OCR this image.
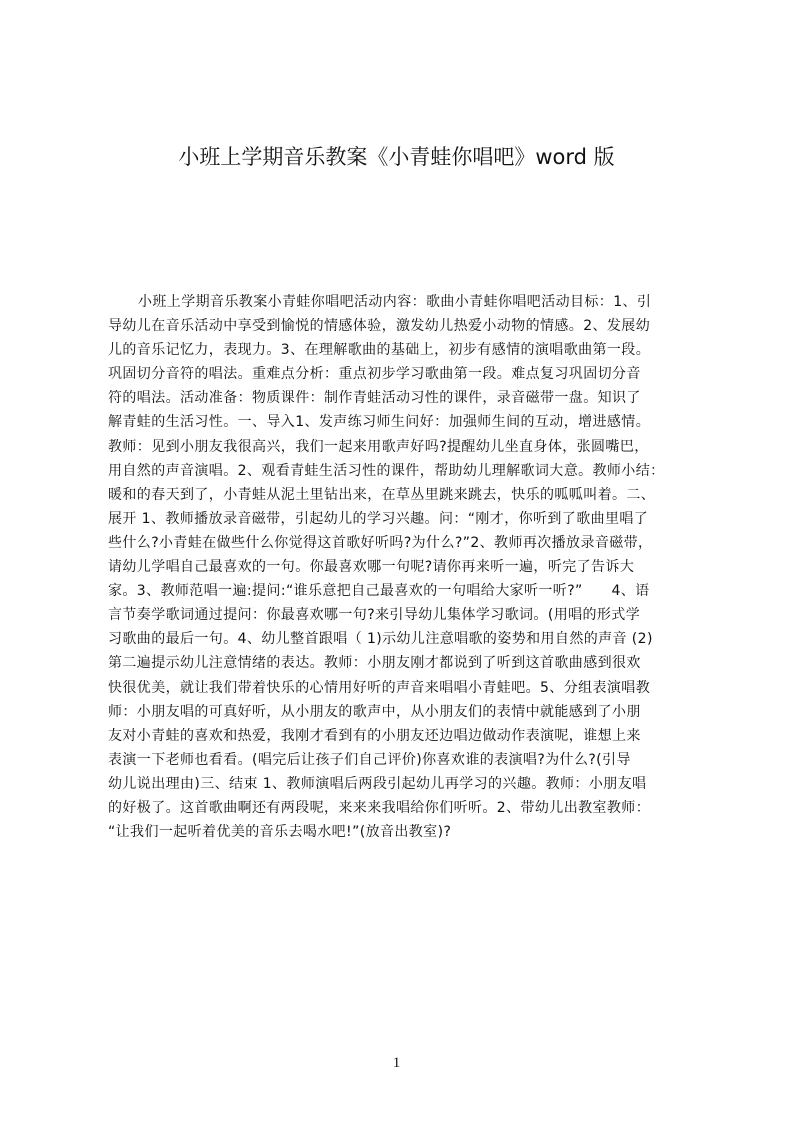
小班上学期音乐教案《小青蛙你唱吧》word 版
小班上学期音乐教案小青蛙你唱吧活动内容：歌曲小青蛙你唱吧活动目标：1、引
导幼儿在音乐活动中享受到愉悦的情感体验，激发幼儿热爱小动物的情感。2、发展幼
儿的音乐记忆力，表现力。3、在理解歌曲的基础上，初步有感情的演唱歌曲第一段。
巩固切分音符的唱法。重难点分析：重点初步学习歌曲第一段。难点复习巩固切分音
符的唱法。活动准备：物质课件：制作青蛙活动习性的课件，录音磁带一盘。知识了
解青蛙的生活习性。一、导入1、发声练习师生问好：加强师生间的互动，增进感情。
教师：见到小朋友我很高兴，我们一起来用歌声好吗?提醒幼儿坐直身体，张圆嘴巴，
用自然的声音演唱。2、观看青蛙生活习性的课件，帮助幼儿理解歌词大意。教师小结：
暖和的春天到了，小青蛙从泥土里钻出来，在草丛里跳来跳去，快乐的呱呱叫着。二、
展开 1、教师播放录音磁带，引起幼儿的学习兴趣。问：“刚才，你听到了歌曲里唱了
些什么?小青蛙在做些什么你觉得这首歌好听吗?为什么?”2、教师再次播放录音磁带，
请幼儿学唱自己最喜欢的一句。你最喜欢哪一句呢?请你再来听一遍，听完了告诉大
家。3、教师范唱一遍:提问:“谁乐意把自己最喜欢的一句唱给大家听一听?”　　4、语
言节奏学歌词通过提问：你最喜欢哪一句?来引导幼儿集体学习歌词。(用唱的形式学
习歌曲的最后一句。4、幼儿整首跟唱（ 1)示幼儿注意唱歌的姿势和用自然的声音 (2)
第二遍提示幼儿注意情绪的表达。教师：小朋友刚才都说到了听到这首歌曲感到很欢
快很优美，就让我们带着快乐的心情用好听的声音来唱唱小青蛙吧。5、分组表演唱教
师：小朋友唱的可真好听，从小朋友的歌声中，从小朋友们的表情中就能感到了小朋
友对小青蛙的喜欢和热爱，我刚才看到有的小朋友还边唱边做动作表演呢，谁想上来
表演一下老师也看看。(唱完后让孩子们自己评价)你喜欢谁的表演唱?为什么?(引导
幼儿说出理由)三、结束 1、教师演唱后两段引起幼儿再学习的兴趣。教师：小朋友唱
的好极了。这首歌曲啊还有两段呢，来来来我唱给你们听听。2、带幼儿出教室教师：
“让我们一起听着优美的音乐去喝水吧!”(放音出教室)?
1
